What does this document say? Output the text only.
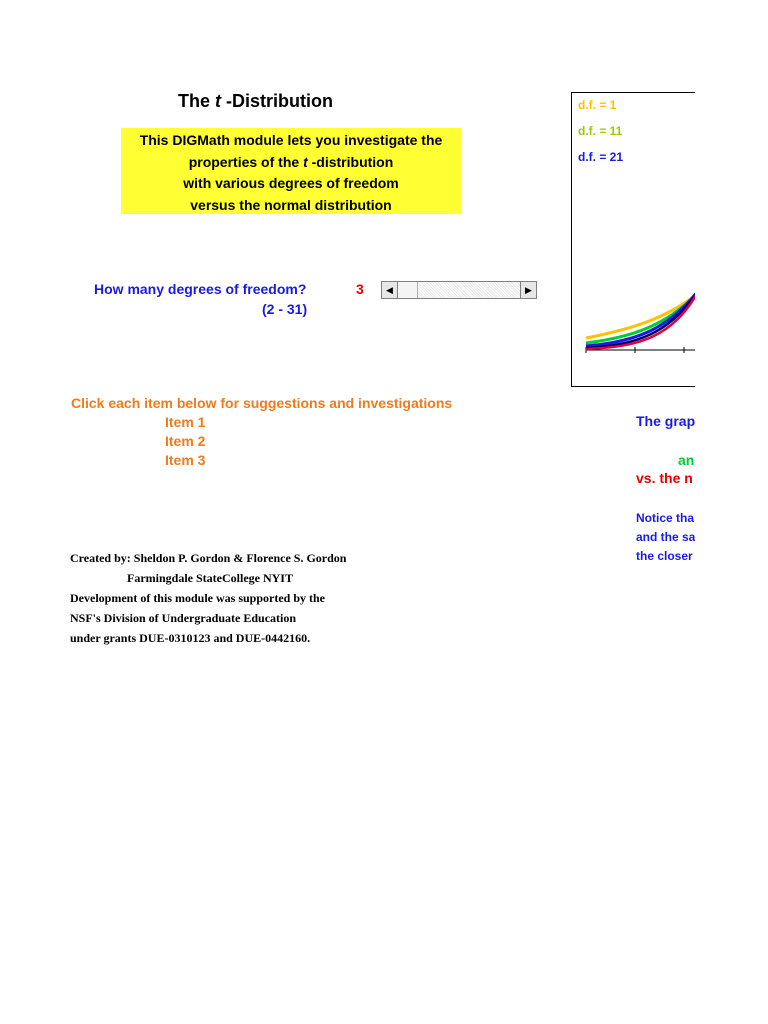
The t -Distribution
This DIGMath module lets you investigate the
properties of the t -distribution
with various degrees of freedom
versus the normal distribution
How many degrees of freedom?	3
(2 - 31)
◀	▶
Click each item below for suggestions and investigations
Item 1
Item 2
Item 3
Created by: Sheldon P. Gordon & Florence S. Gordon
Farmingdale StateCollege NYIT
Development of this module was supported by the
NSF's Division of Undergraduate Education
under grants DUE-0310123 and DUE-0442160.
d.f. = 1
d.f. = 11
d.f. = 21
The grap
an
vs. the n
Notice tha
and the sa
the closer
